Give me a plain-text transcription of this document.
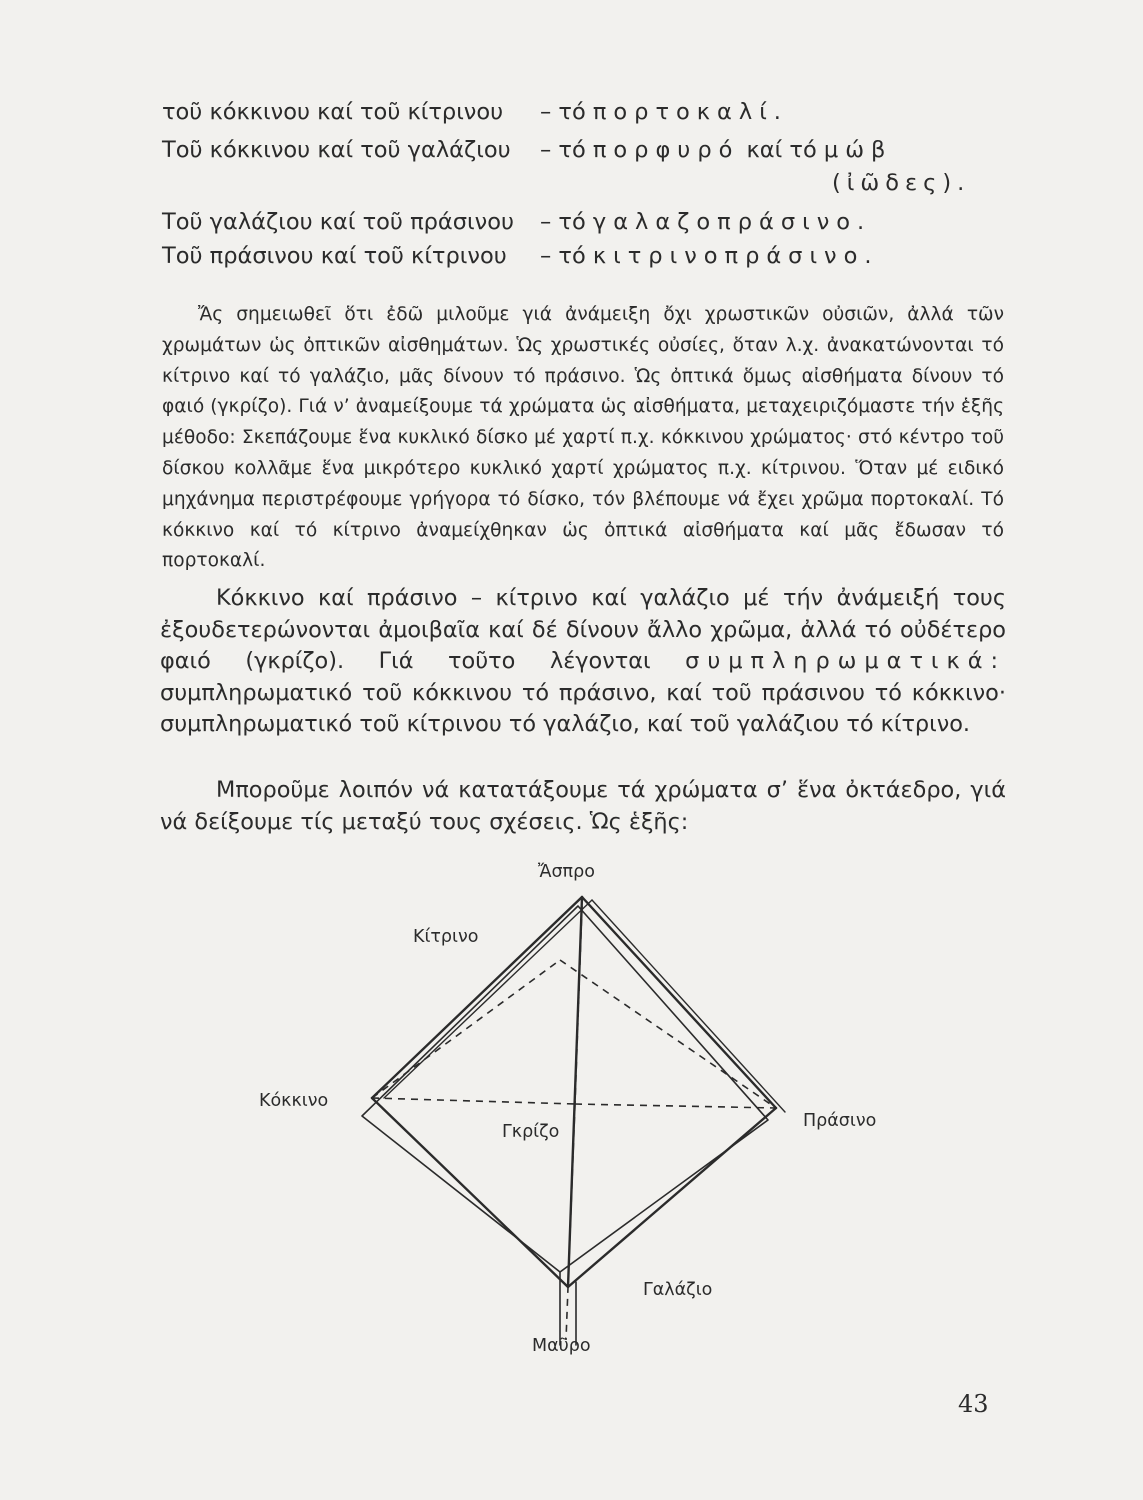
τοῦ κόκκινου καί τοῦ κίτρινου – τό πορτοκαλί.
Τοῦ κόκκινου καί τοῦ γαλάζιου – τό πορφυρό καί τό μώβ
(ἰῶδες).
Τοῦ γαλάζιου καί τοῦ πράσινου – τό γαλαζοπράσινο.
Τοῦ πράσινου καί τοῦ κίτρινου – τό κιτρινοπράσινο.
Ἄς σημειωθεῖ ὅτι ἐδῶ μιλοῦμε γιά ἀνάμειξη ὄχι χρωστικῶν οὐσιῶν, ἀλλά τῶν χρωμάτων ὡς ὀπτικῶν αἰσθημάτων. Ὡς χρωστικές οὐσίες, ὅταν λ.χ. ἀνακατώνονται τό κίτρινο καί τό γαλάζιο, μᾶς δίνουν τό πράσινο. Ὡς ὀπτικά ὅμως αἰσθήματα δίνουν τό φαιό (γκρίζο). Γιά ν’ ἀναμείξουμε τά χρώματα ὡς αἰσθήματα, μεταχειριζόμαστε τήν ἑξῆς μέθοδο: Σκεπάζουμε ἕνα κυκλικό δίσκο μέ χαρτί π.χ. κόκκινου χρώματος· στό κέντρο τοῦ δίσκου κολλᾶμε ἕνα μικρότερο κυκλικό χαρτί χρώματος π.χ. κίτρινου. Ὅταν μέ ειδικό μηχάνημα περιστρέφουμε γρήγορα τό δίσκο, τόν βλέπουμε νά ἔχει χρῶμα πορτοκαλί. Τό κόκκινο καί τό κίτρινο ἀναμείχθηκαν ὡς ὀπτικά αἰσθήματα καί μᾶς ἔδωσαν τό πορτοκαλί.
Κόκκινο καί πράσινο – κίτρινο καί γαλάζιο μέ τήν ἀνάμειξή τους ἐξουδετερώνονται ἀμοιβαῖα καί δέ δίνουν ἄλλο χρῶμα, ἀλλά τό οὐδέτερο φαιό (γκρίζο). Γιά τοῦτο λέγονται συμπληρωματικά: συμπληρωματικό τοῦ κόκκινου τό πράσινο, καί τοῦ πράσινου τό κόκκινο· συμπληρωματικό τοῦ κίτρινου τό γαλάζιο, καί τοῦ γαλάζιου τό κίτρινο.
Μποροῦμε λοιπόν νά κατατάξουμε τά χρώματα σ’ ἕνα ὀκτάεδρο, γιά νά δείξουμε τίς μεταξύ τους σχέσεις. Ὡς ἑξῆς:
Ἄσπρο
Κίτρινο
Κόκκινο
Πράσινο
Γκρίζο
Γαλάζιο
Μαῦρο
43
